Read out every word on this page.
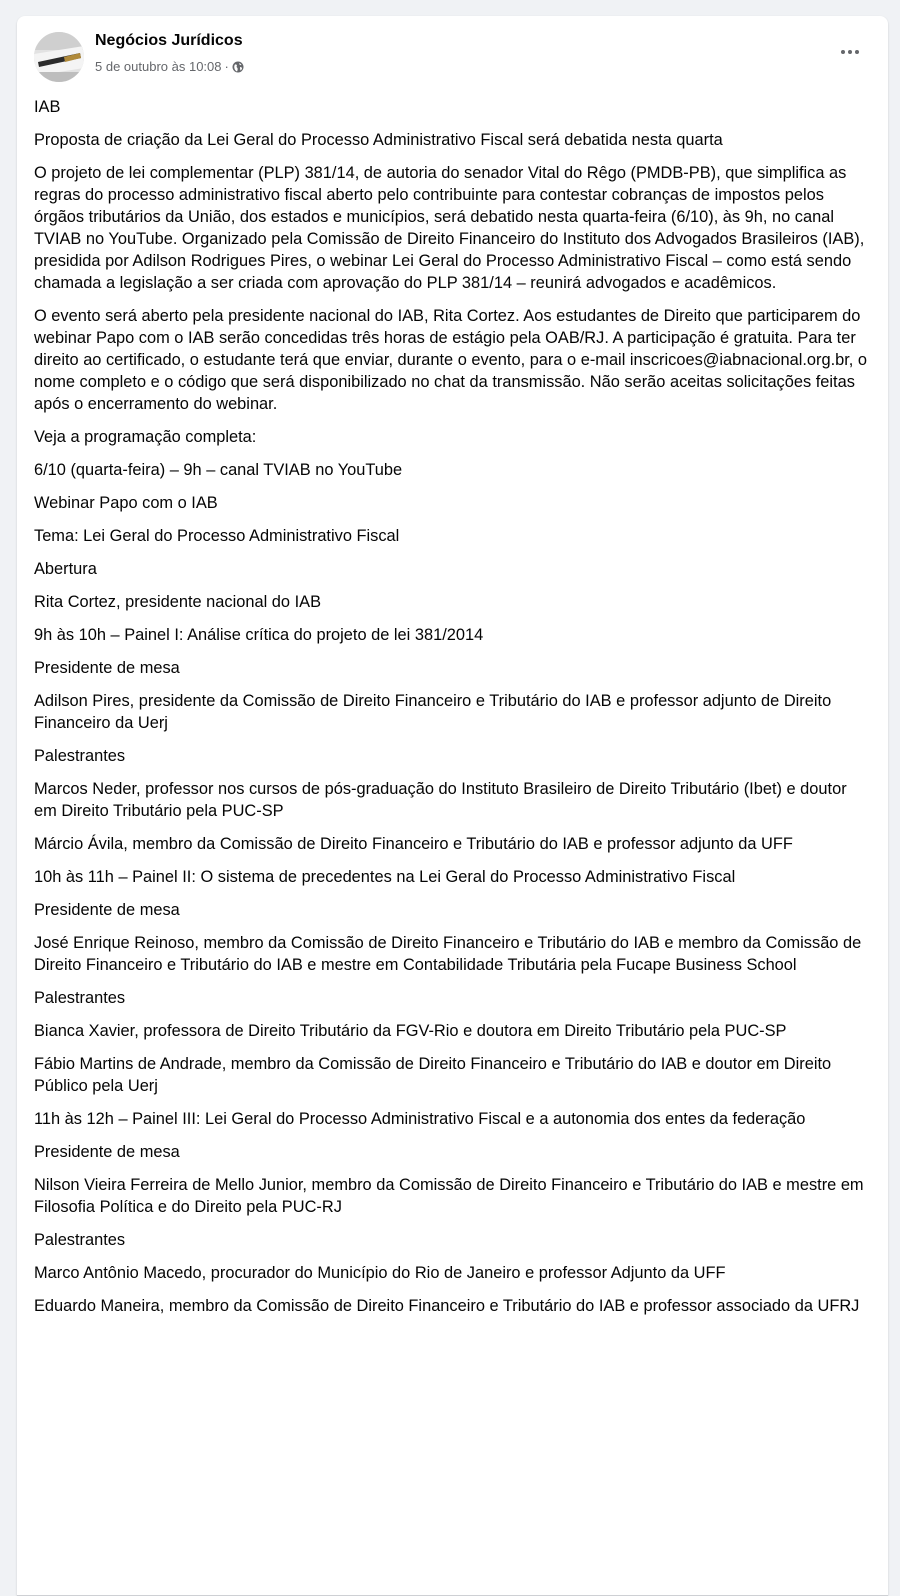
Negócios Jurídicos
5 de outubro às 10:08 ·

IAB

Proposta de criação da Lei Geral do Processo Administrativo Fiscal será debatida nesta quarta

O projeto de lei complementar (PLP) 381/14, de autoria do senador Vital do Rêgo (PMDB-PB), que simplifica as regras do processo administrativo fiscal aberto pelo contribuinte para contestar cobranças de impostos pelos órgãos tributários da União, dos estados e municípios, será debatido nesta quarta-feira (6/10), às 9h, no canal TVIAB no YouTube. Organizado pela Comissão de Direito Financeiro do Instituto dos Advogados Brasileiros (IAB), presidida por Adilson Rodrigues Pires, o webinar Lei Geral do Processo Administrativo Fiscal – como está sendo chamada a legislação a ser criada com aprovação do PLP 381/14 – reunirá advogados e acadêmicos.

O evento será aberto pela presidente nacional do IAB, Rita Cortez. Aos estudantes de Direito que participarem do webinar Papo com o IAB serão concedidas três horas de estágio pela OAB/RJ. A participação é gratuita. Para ter direito ao certificado, o estudante terá que enviar, durante o evento, para o e-mail inscricoes@iabnacional.org.br, o nome completo e o código que será disponibilizado no chat da transmissão. Não serão aceitas solicitações feitas após o encerramento do webinar.

Veja a programação completa:

6/10 (quarta-feira) – 9h – canal TVIAB no YouTube

Webinar Papo com o IAB

Tema: Lei Geral do Processo Administrativo Fiscal

Abertura

Rita Cortez, presidente nacional do IAB

9h às 10h – Painel I: Análise crítica do projeto de lei 381/2014

Presidente de mesa

Adilson Pires, presidente da Comissão de Direito Financeiro e Tributário do IAB e professor adjunto de Direito Financeiro da Uerj

Palestrantes

Marcos Neder, professor nos cursos de pós-graduação do Instituto Brasileiro de Direito Tributário (Ibet) e doutor em Direito Tributário pela PUC-SP

Márcio Ávila, membro da Comissão de Direito Financeiro e Tributário do IAB e professor adjunto da UFF

10h às 11h – Painel II: O sistema de precedentes na Lei Geral do Processo Administrativo Fiscal

Presidente de mesa

José Enrique Reinoso, membro da Comissão de Direito Financeiro e Tributário do IAB e membro da Comissão de Direito Financeiro e Tributário do IAB e mestre em Contabilidade Tributária pela Fucape Business School

Palestrantes

Bianca Xavier, professora de Direito Tributário da FGV-Rio e doutora em Direito Tributário pela PUC-SP

Fábio Martins de Andrade, membro da Comissão de Direito Financeiro e Tributário do IAB e doutor em Direito Público pela Uerj

11h às 12h – Painel III: Lei Geral do Processo Administrativo Fiscal e a autonomia dos entes da federação

Presidente de mesa

Nilson Vieira Ferreira de Mello Junior, membro da Comissão de Direito Financeiro e Tributário do IAB e mestre em Filosofia Política e do Direito pela PUC-RJ

Palestrantes

Marco Antônio Macedo, procurador do Município do Rio de Janeiro e professor Adjunto da UFF

Eduardo Maneira, membro da Comissão de Direito Financeiro e Tributário do IAB e professor associado da UFRJ
